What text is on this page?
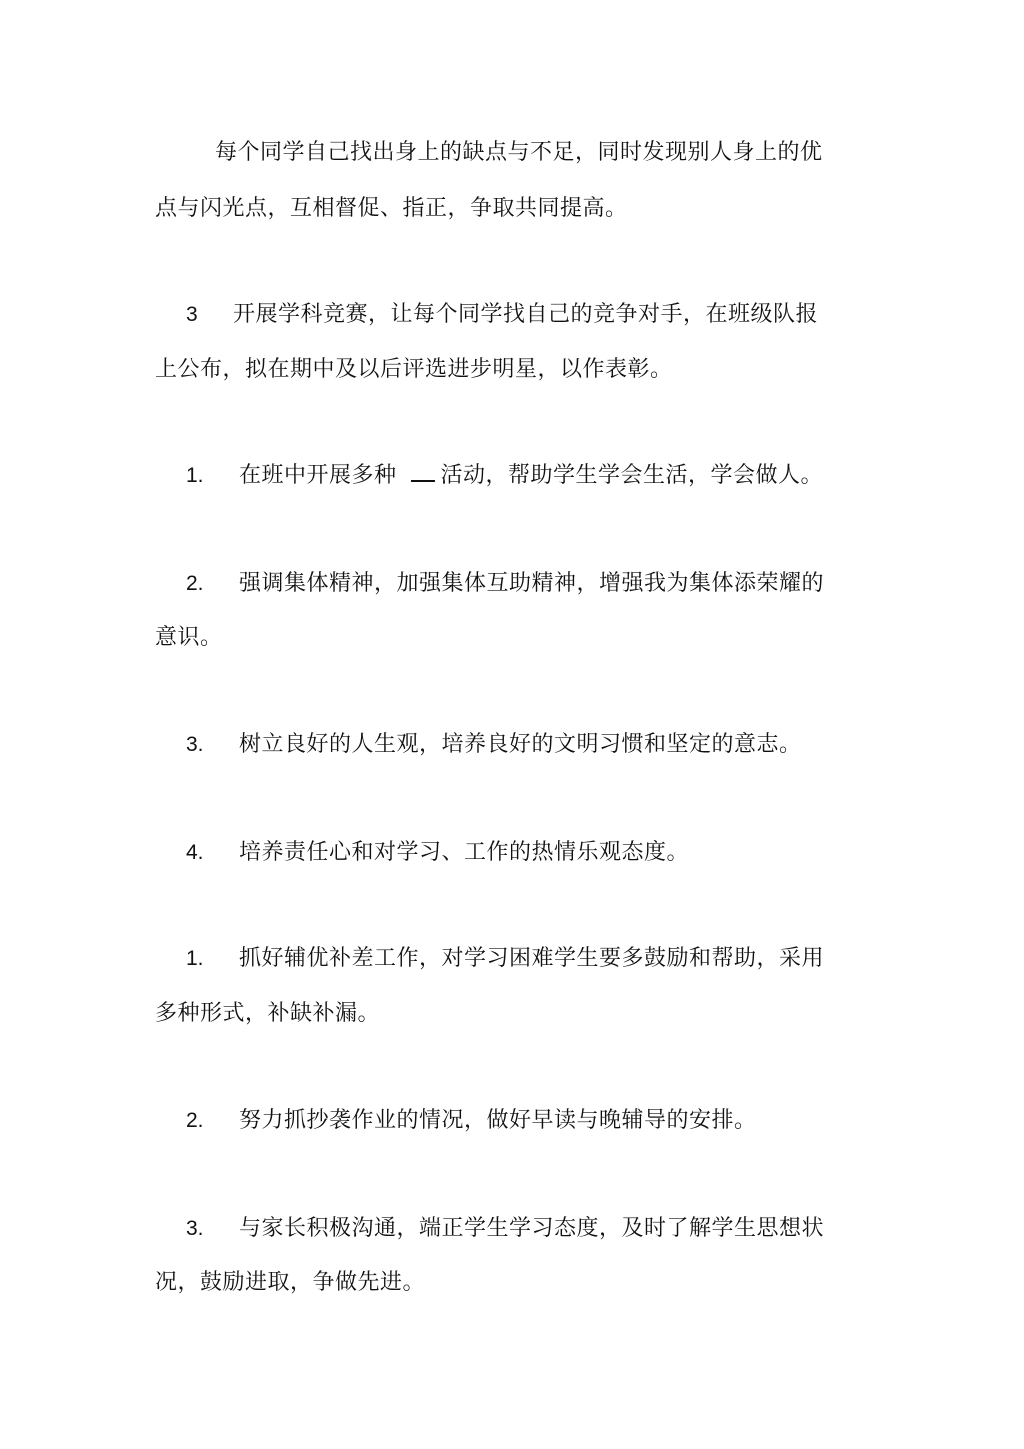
每个同学自己找出身上的缺点与不足，同时发现别人身上的优
点与闪光点，互相督促、指正，争取共同提高。
3 开展学科竞赛，让每个同学找自己的竞争对手，在班级队报
上公布，拟在期中及以后评选进步明星，以作表彰。
1. 在班中开展多种 活动，帮助学生学会生活，学会做人。
2. 强调集体精神，加强集体互助精神，增强我为集体添荣耀的
意识。
3. 树立良好的人生观，培养良好的文明习惯和坚定的意志。
4. 培养责任心和对学习、工作的热情乐观态度。
1. 抓好辅优补差工作，对学习困难学生要多鼓励和帮助，采用
多种形式，补缺补漏。
2. 努力抓抄袭作业的情况，做好早读与晚辅导的安排。
3. 与家长积极沟通，端正学生学习态度，及时了解学生思想状
况，鼓励进取，争做先进。
